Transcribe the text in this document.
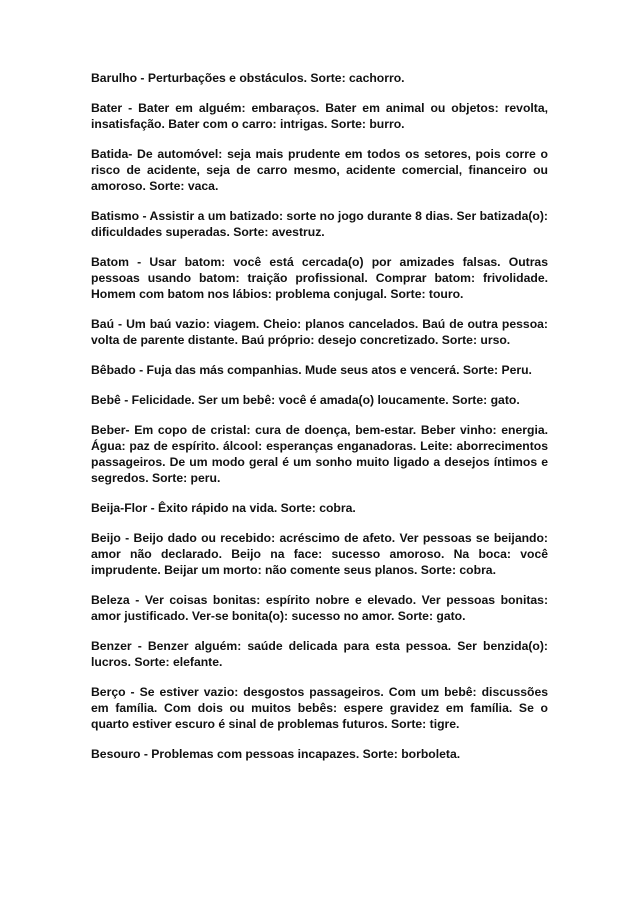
Barulho - Perturbações e obstáculos. Sorte: cachorro.

Bater - Bater em alguém: embaraços. Bater em animal ou objetos: revolta, insatisfação. Bater com o carro: intrigas. Sorte: burro.

Batida- De automóvel: seja mais prudente em todos os setores, pois corre o risco de acidente, seja de carro mesmo, acidente comercial, financeiro ou amoroso. Sorte: vaca.

Batismo - Assistir a um batizado: sorte no jogo durante 8 dias. Ser batizada(o): dificuldades superadas. Sorte: avestruz.

Batom - Usar batom: você está cercada(o) por amizades falsas. Outras pessoas usando batom: traição profissional. Comprar batom: frivolidade. Homem com batom nos lábios: problema conjugal. Sorte: touro.

Baú - Um baú vazio: viagem. Cheio: planos cancelados. Baú de outra pessoa: volta de parente distante. Baú próprio: desejo concretizado. Sorte: urso.

Bêbado - Fuja das más companhias. Mude seus atos e vencerá. Sorte: Peru.

Bebê - Felicidade. Ser um bebê: você é amada(o) loucamente. Sorte: gato.

Beber- Em copo de cristal: cura de doença, bem-estar. Beber vinho: energia. Água: paz de espírito. álcool: esperanças enganadoras. Leite: aborrecimentos passageiros. De um modo geral é um sonho muito ligado a desejos íntimos e segredos. Sorte: peru.

Beija-Flor - Êxito rápido na vida. Sorte: cobra.

Beijo - Beijo dado ou recebido: acréscimo de afeto. Ver pessoas se beijando: amor não declarado. Beijo na face: sucesso amoroso. Na boca: você imprudente. Beijar um morto: não comente seus planos. Sorte: cobra.

Beleza - Ver coisas bonitas: espírito nobre e elevado. Ver pessoas bonitas: amor justificado. Ver-se bonita(o): sucesso no amor. Sorte: gato.

Benzer - Benzer alguém: saúde delicada para esta pessoa. Ser benzida(o): lucros. Sorte: elefante.

Berço - Se estiver vazio: desgostos passageiros. Com um bebê: discussões em família. Com dois ou muitos bebês: espere gravidez em família. Se o quarto estiver escuro é sinal de problemas futuros. Sorte: tigre.

Besouro - Problemas com pessoas incapazes. Sorte: borboleta.
